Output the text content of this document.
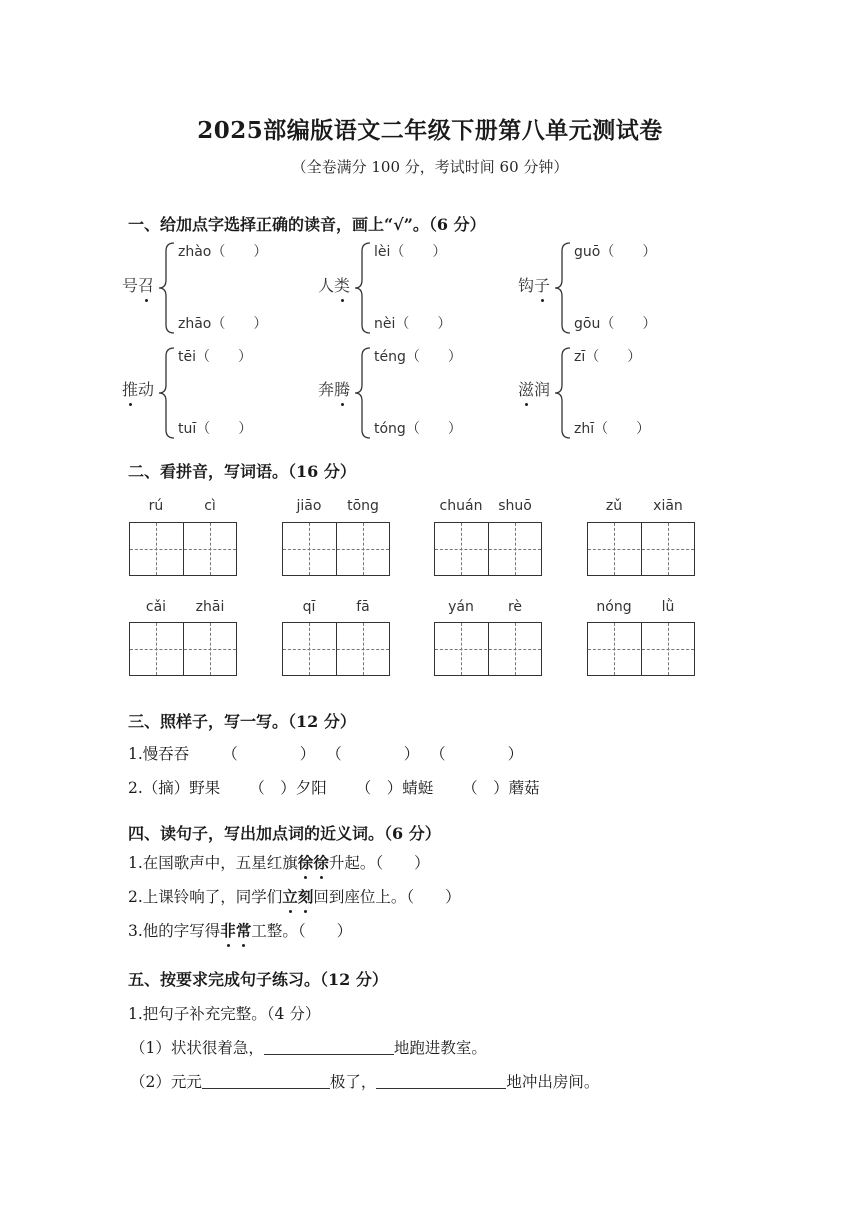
2025部编版语文二年级下册第八单元测试卷
（全卷满分 100 分，考试时间 60 分钟）
一、给加点字选择正确的读音，画上“√”。（6 分）
号召
zhào（　　）
zhāo（　　）
人类
lèi（　　）
nèi（　　）
钩子
guō（　　）
gōu（　　）
推动
tēi（　　）
tuī（　　）
奔腾
téng（　　）
tóng（　　）
滋润
zī（　　）
zhī（　　）
二、看拼音，写词语。（16 分）
rú	cì	jiāo	tōng	chuán	shuō	zǔ	xiān
cǎi	zhāi	qī	fā	yán	rè	nóng	lǜ
三、照样子，写一写。（12 分）
1.慢吞吞 （　　　　） （　　　　） （　　　　）
2.（摘）野果 （　）夕阳 （　）蜻蜓 （　）蘑菇
四、读句子，写出加点词的近义词。（6 分）
1.在国歌声中，五星红旗徐徐升起。（　　）
2.上课铃响了，同学们立刻回到座位上。（　　）
3.他的字写得非常工整。（　　）
五、按要求完成句子练习。（12 分）
1.把句子补充完整。（4 分）
（1）状状很着急，	地跑进教室。
（2）元元	极了，	地冲出房间。
